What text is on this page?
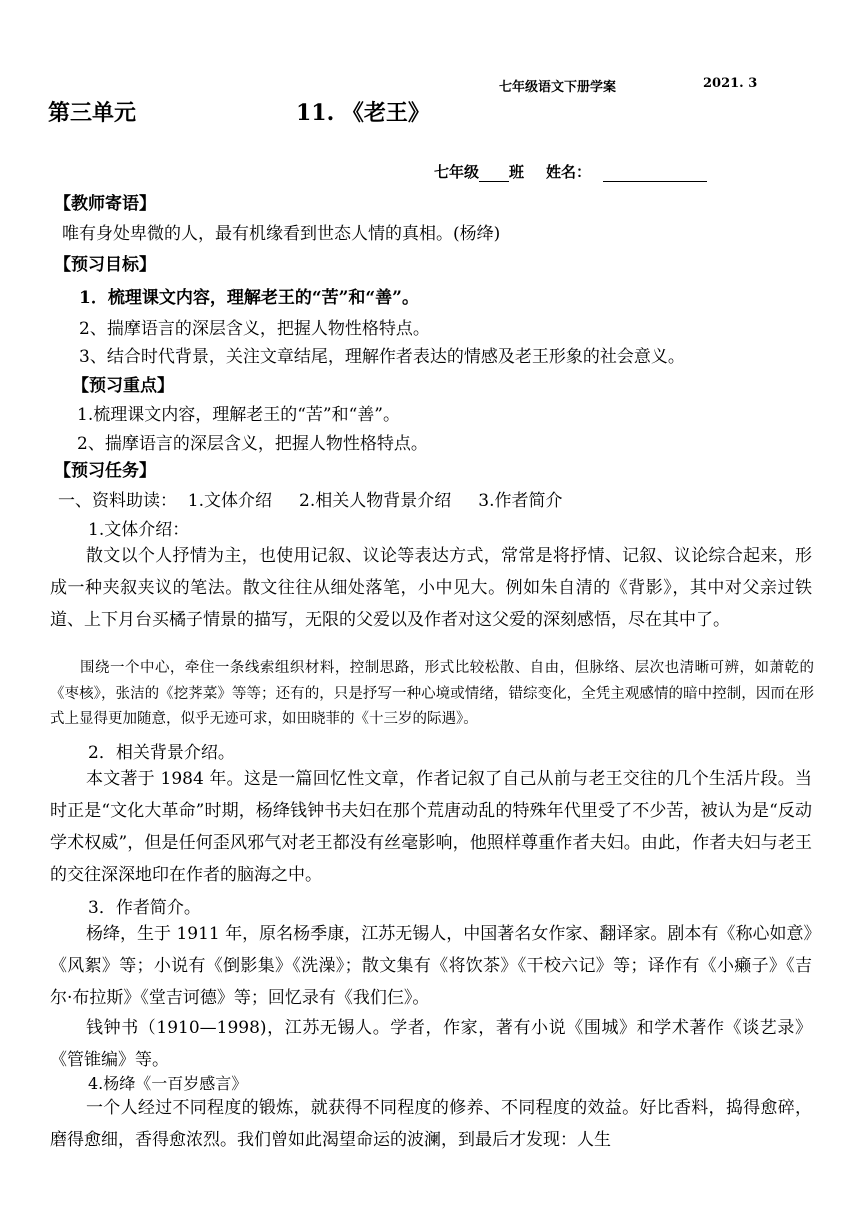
七年级语文下册学案	2021. 3
第三单元	11. 《老王》
七年级 班 姓名：
【教师寄语】
唯有身处卑微的人，最有机缘看到世态人情的真相。(杨绛)
【预习目标】
1．梳理课文内容，理解老王的“苦”和“善”。
2、揣摩语言的深层含义，把握人物性格特点。
3、结合时代背景，关注文章结尾，理解作者表达的情感及老王形象的社会意义。
【预习重点】
1.梳理课文内容，理解老王的“苦”和“善”。
2、揣摩语言的深层含义，把握人物性格特点。
【预习任务】
一、资料助读：  1.文体介绍     2.相关人物背景介绍     3.作者简介
1.文体介绍：
散文以个人抒情为主，也使用记叙、议论等表达方式，常常是将抒情、记叙、议论综合起来，形成一种夹叙夹议的笔法。散文往往从细处落笔，小中见大。例如朱自清的《背影》，其中对父亲过铁道、上下月台买橘子情景的描写，无限的父爱以及作者对这父爱的深刻感悟，尽在其中了。
围绕一个中心，牵住一条线索组织材料，控制思路，形式比较松散、自由，但脉络、层次也清晰可辨，如萧乾的《枣核》，张洁的《挖荠菜》等等；还有的，只是抒写一种心境或情绪，错综变化，全凭主观感情的暗中控制，因而在形式上显得更加随意，似乎无迹可求，如田晓菲的《十三岁的际遇》。
2．相关背景介绍。
本文著于 1984 年。这是一篇回忆性文章，作者记叙了自己从前与老王交往的几个生活片段。当时正是“文化大革命”时期，杨绛钱钟书夫妇在那个荒唐动乱的特殊年代里受了不少苦，被认为是“反动学术权威”，但是任何歪风邪气对老王都没有丝毫影响，他照样尊重作者夫妇。由此，作者夫妇与老王的交往深深地印在作者的脑海之中。
3．作者简介。
杨绛，生于 1911 年，原名杨季康，江苏无锡人，中国著名女作家、翻译家。剧本有《称心如意》《风絮》等；小说有《倒影集》《洗澡》；散文集有《将饮茶》《干校六记》等；译作有《小癞子》《吉尔·布拉斯》《堂吉诃德》等；回忆录有《我们仨》。
钱钟书（1910—1998)，江苏无锡人。学者，作家，著有小说《围城》和学术著作《谈艺录》《管锥编》等。
4.杨绛《一百岁感言》
一个人经过不同程度的锻炼，就获得不同程度的修养、不同程度的效益。好比香料，捣得愈碎，磨得愈细，香得愈浓烈。我们曾如此渴望命运的波澜，到最后才发现：人生
